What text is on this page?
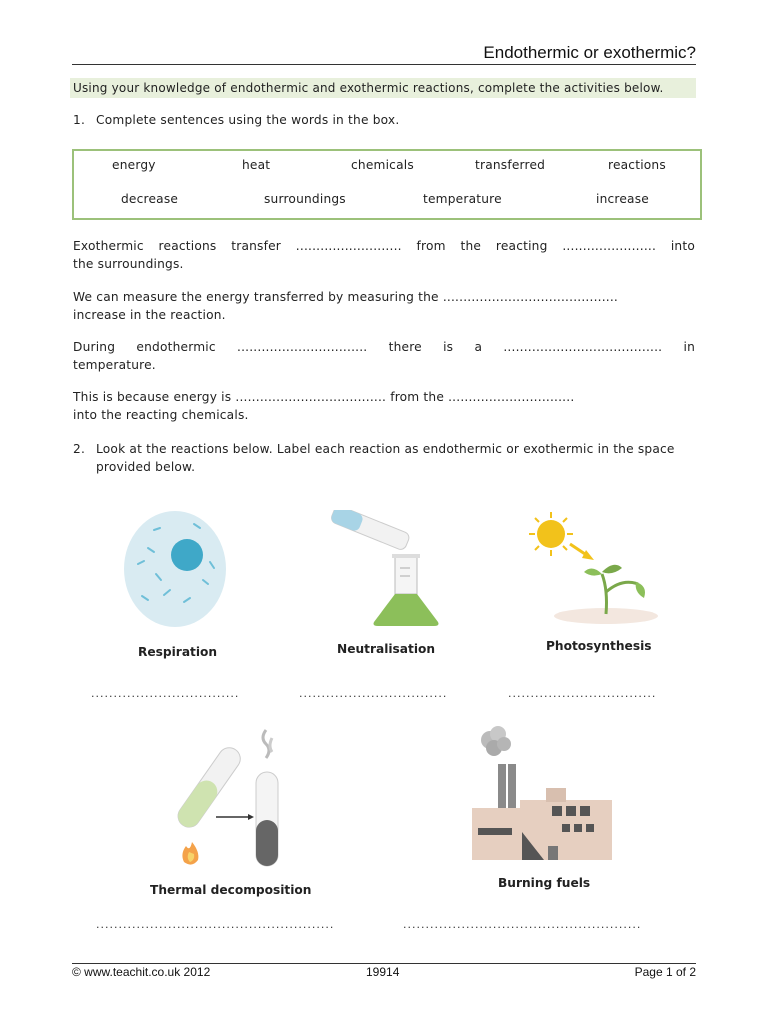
Endothermic or exothermic?
Using your knowledge of endothermic and exothermic reactions, complete the activities below.
1. Complete sentences using the words in the box.
energy	heat	chemicals	transferred	reactions
decrease	surroundings	temperature	increase
Exothermic reactions transfer .......................... from the reacting ....................... into
the surroundings.
We can measure the energy transferred by measuring the ...........................................
increase in the reaction.
During endothermic ................................ there is a ....................................... in
temperature.
This is because energy is ..................................... from the ...............................
into the reacting chemicals.
2. Look at the reactions below. Label each reaction as endothermic or exothermic in the space
provided below.
Respiration	Neutralisation	Photosynthesis
.................................	.................................	.................................
Thermal decomposition	Burning fuels
.....................................................	.....................................................
© www.teachit.co.uk 2012	19914	Page 1 of 2
